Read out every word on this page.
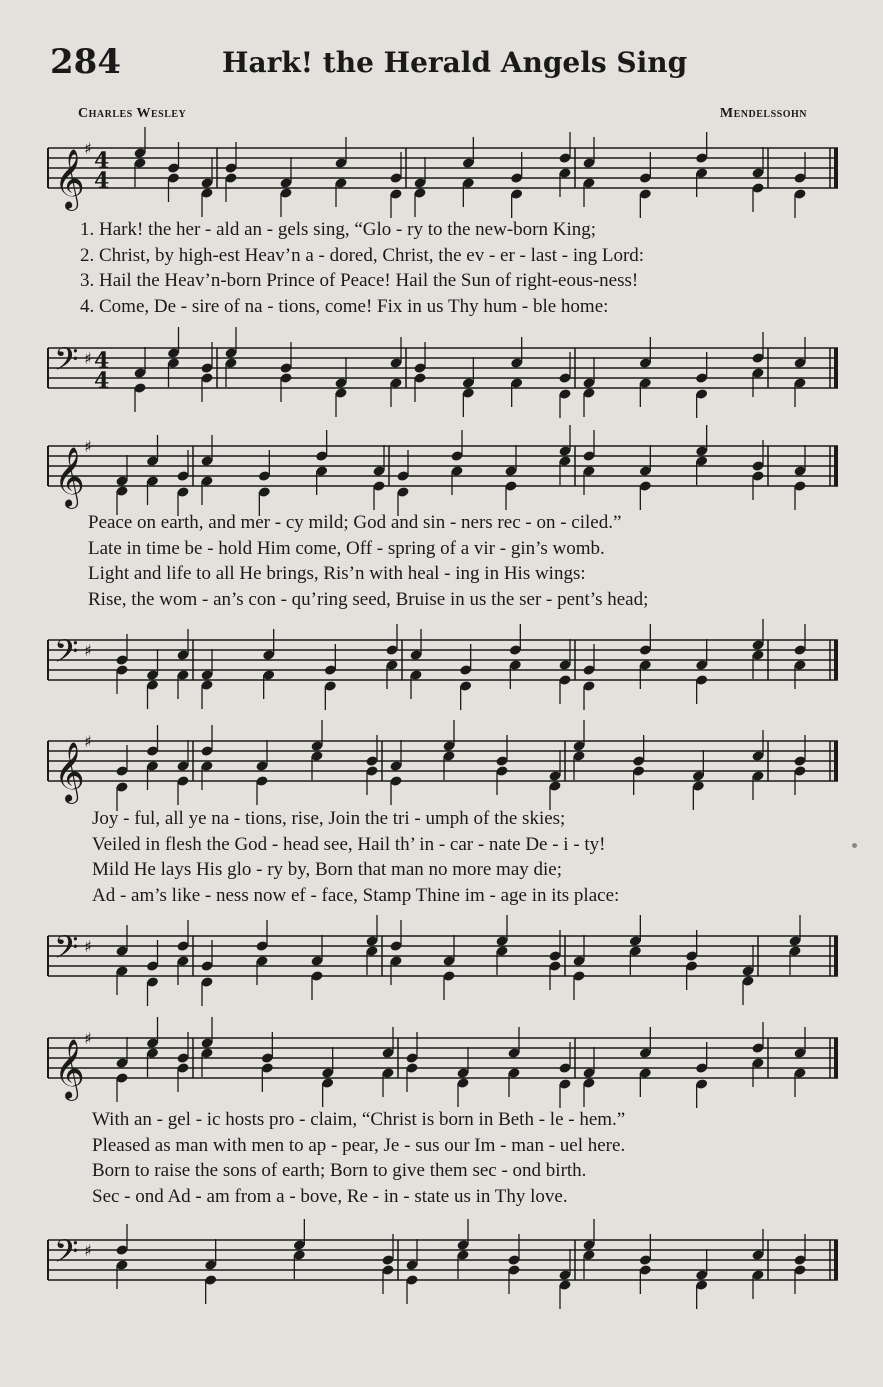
284	Hark! the Herald Angels Sing
Charles Wesley	Mendelssohn
𝄞
♯ 4
4
1. Hark! the her - ald an - gels sing, “Glo - ry to the new-born King;
2. Christ, by high-est Heav’n a - dored, Christ, the ev - er - last - ing Lord:
3. Hail the Heav’n-born Prince of Peace! Hail the Sun of right-eous-ness!
4. Come, De - sire of na - tions, come! Fix in us Thy hum - ble home:
𝄢 ♯ 4
4
𝄞
♯
Peace on earth, and mer - cy mild; God and sin - ners rec - on - ciled.”
Late in time be - hold Him come, Off - spring of a vir - gin’s womb.
Light and life to all He brings, Ris’n with heal - ing in His wings:
Rise, the wom - an’s con - qu’ring seed, Bruise in us the ser - pent’s head;
𝄢 ♯
𝄞
♯
Joy - ful, all ye na - tions, rise, Join the tri - umph of the skies;
Veiled in flesh the God - head see, Hail th’ in - car - nate De - i - ty!
Mild He lays His glo - ry by, Born that man no more may die;
Ad - am’s like - ness now ef - face, Stamp Thine im - age in its place:
𝄢 ♯
𝄞
♯
With an - gel - ic hosts pro - claim, “Christ is born in Beth - le - hem.”
Pleased as man with men to ap - pear, Je - sus our Im - man - uel here.
Born to raise the sons of earth; Born to give them sec - ond birth.
Sec - ond Ad - am from a - bove, Re - in - state us in Thy love.
𝄢 ♯
